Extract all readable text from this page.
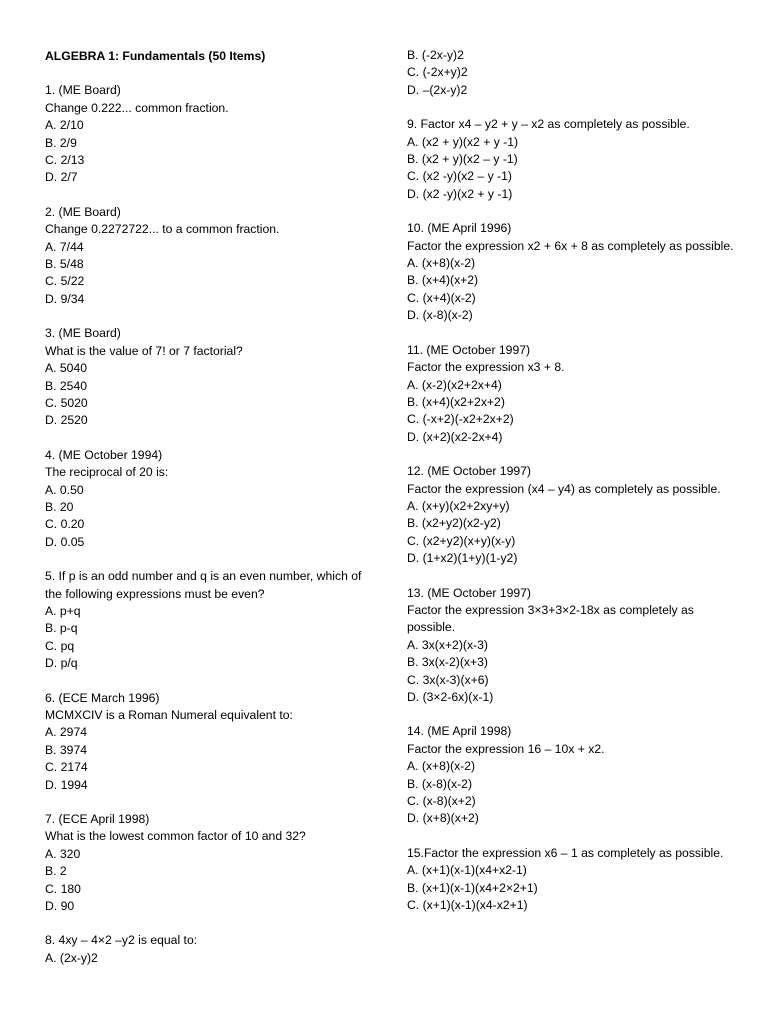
ALGEBRA 1: Fundamentals (50 Items)
1. (ME Board)
Change 0.222... common fraction.
A. 2/10
B. 2/9
C. 2/13
D. 2/7
2. (ME Board)
Change 0.2272722... to a common fraction.
A. 7/44
B. 5/48
C. 5/22
D. 9/34
3. (ME Board)
What is the value of 7! or 7 factorial?
A. 5040
B. 2540
C. 5020
D. 2520
4. (ME October 1994)
The reciprocal of 20 is:
A. 0.50
B. 20
C. 0.20
D. 0.05
5. If p is an odd number and q is an even number, which of the following expressions must be even?
A. p+q
B. p-q
C. pq
D. p/q
6. (ECE March 1996)
MCMXCIV is a Roman Numeral equivalent to:
A. 2974
B. 3974
C. 2174
D. 1994
7. (ECE April 1998)
What is the lowest common factor of 10 and 32?
A. 320
B. 2
C. 180
D. 90
8. 4xy – 4×2 –y2 is equal to:
A. (2x-y)2
B. (-2x-y)2
C. (-2x+y)2
D. –(2x-y)2
9. Factor x4 – y2 + y – x2 as completely as possible.
A. (x2 + y)(x2 + y -1)
B. (x2 + y)(x2 – y -1)
C. (x2 -y)(x2 – y -1)
D. (x2 -y)(x2 + y -1)
10. (ME April 1996)
Factor the expression x2 + 6x + 8 as completely as possible.
A. (x+8)(x-2)
B. (x+4)(x+2)
C. (x+4)(x-2)
D. (x-8)(x-2)
11. (ME October 1997)
Factor the expression x3 + 8.
A. (x-2)(x2+2x+4)
B. (x+4)(x2+2x+2)
C. (-x+2)(-x2+2x+2)
D. (x+2)(x2-2x+4)
12. (ME October 1997)
Factor the expression (x4 – y4) as completely as possible.
A. (x+y)(x2+2xy+y)
B. (x2+y2)(x2-y2)
C. (x2+y2)(x+y)(x-y)
D. (1+x2)(1+y)(1-y2)
13. (ME October 1997)
Factor the expression 3×3+3×2-18x as completely as possible.
A. 3x(x+2)(x-3)
B. 3x(x-2)(x+3)
C. 3x(x-3)(x+6)
D. (3×2-6x)(x-1)
14. (ME April 1998)
Factor the expression 16 – 10x + x2.
A. (x+8)(x-2)
B. (x-8)(x-2)
C. (x-8)(x+2)
D. (x+8)(x+2)
15.Factor the expression x6 – 1 as completely as possible.
A. (x+1)(x-1)(x4+x2-1)
B. (x+1)(x-1)(x4+2×2+1)
C. (x+1)(x-1)(x4-x2+1)
